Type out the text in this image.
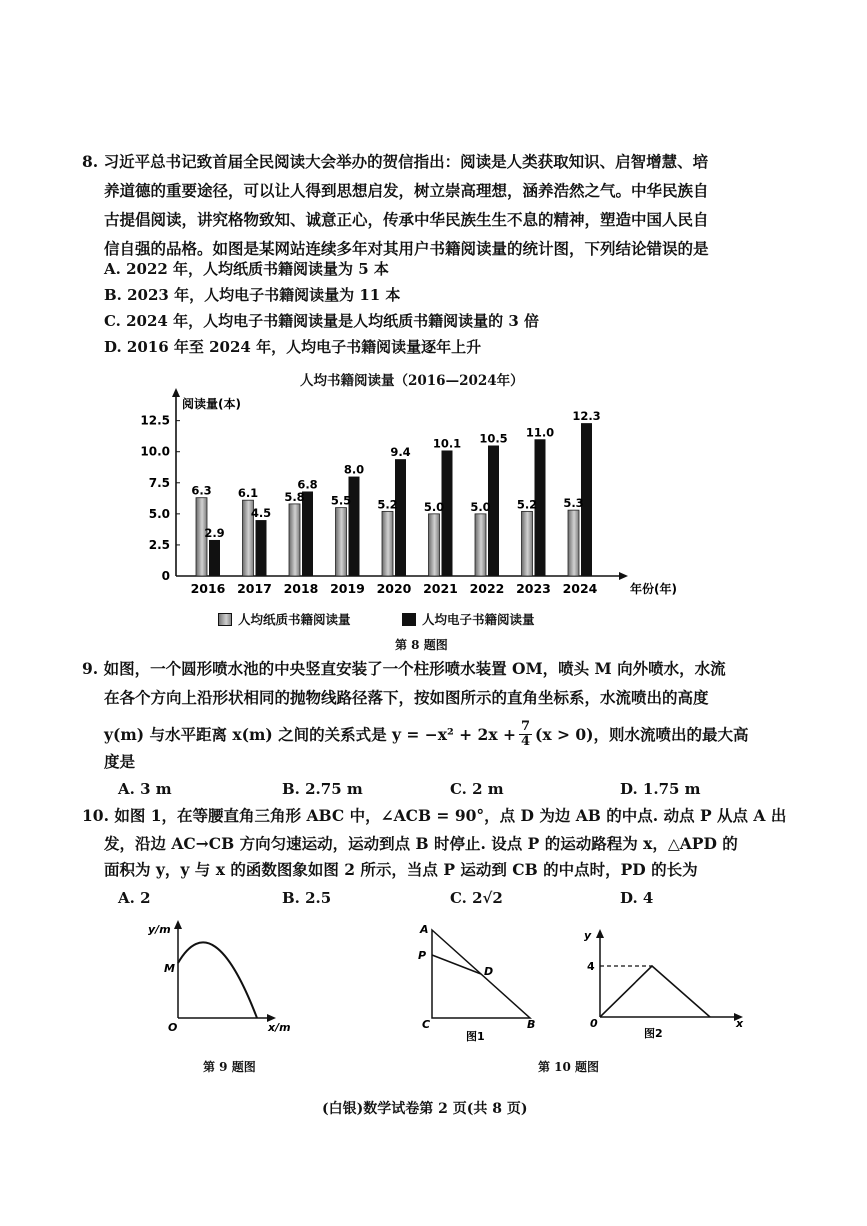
8. 习近平总书记致首届全民阅读大会举办的贺信指出：阅读是人类获取知识、启智增慧、培
养道德的重要途径，可以让人得到思想启发，树立崇高理想，涵养浩然之气。中华民族自
古提倡阅读，讲究格物致知、诚意正心，传承中华民族生生不息的精神，塑造中国人民自
信自强的品格。如图是某网站连续多年对其用户书籍阅读量的统计图，下列结论错误的是
A. 2022 年，人均纸质书籍阅读量为 5 本
B. 2023 年，人均电子书籍阅读量为 11 本
C. 2024 年，人均电子书籍阅读量是人均纸质书籍阅读量的 3 倍
D. 2016 年至 2024 年，人均电子书籍阅读量逐年上升
人均书籍阅读量（2016—2024年）
0
2.5
5.0
7.5
10.0
12.5
阅读量(本)
年份(年)
6.3
2.9
2016
6.1
4.5
2017
5.8
6.8
2018
5.5
8.0
2019
5.2
9.4
2020
5.0
10.1
2021
5.0
10.5
2022
5.2
11.0
2023
5.3
12.3
2024
人均纸质书籍阅读量	人均电子书籍阅读量
第 8 题图
9. 如图，一个圆形喷水池的中央竖直安装了一个柱形喷水装置 OM，喷头 M 向外喷水，水流
在各个方向上沿形状相同的抛物线路径落下，按如图所示的直角坐标系，水流喷出的高度
y(m) 与水平距离 x(m) 之间的关系式是 $y = -x^2 + 2x + \frac{7}{4} (x > 0)$，则水流喷出的最大高
度是
A. 3 m	B. 2.75 m	C. 2 m	D. 1.75 m
10. 如图 1，在等腰直角三角形 ABC 中，∠ACB = 90°，点 D 为边 AB 的中点. 动点 P 从点 A 出
发，沿边 AC→CB 方向匀速运动，运动到点 B 时停止. 设点 P 的运动路程为 x，△APD 的
面积为 y，y 与 x 的函数图象如图 2 所示，当点 P 运动到 CB 的中点时，PD 的长为
A. 2	B. 2.5	C. 2√2	D. 4
y/m
M
O	x/m
A
P
D
C	B
图1
y
4
0	x
图2
第 9 题图	第 10 题图
(白银)数学试卷第 2 页(共 8 页)
